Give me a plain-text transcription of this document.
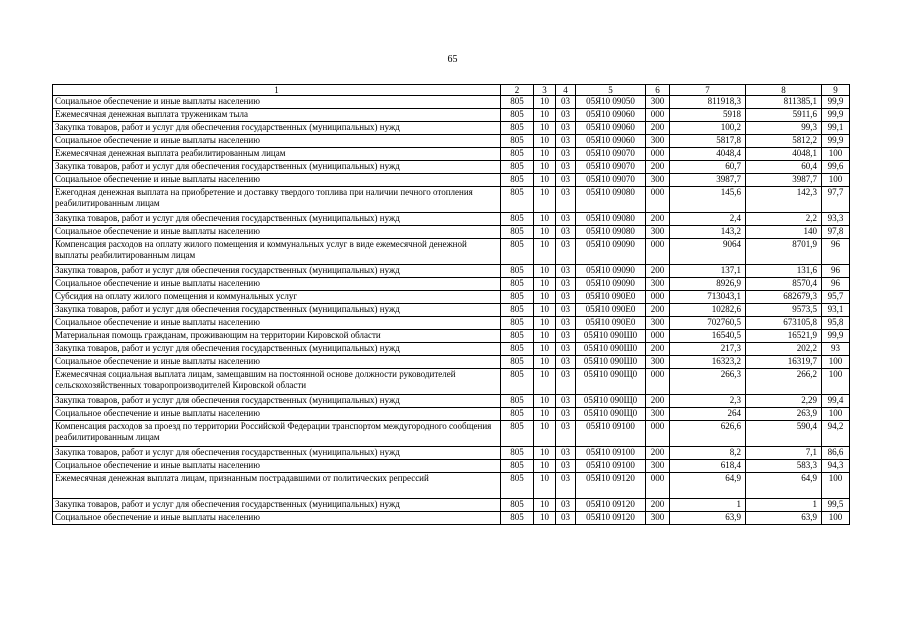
65
1	2	3	4	5	6	7	8	9
Социальное обеспечение и иные выплаты населению	805	10	03	05Я10 09050	300	811918,3	811385,1	99,9
Ежемесячная денежная выплата труженикам тыла	805	10	03	05Я10 09060	000	5918	5911,6	99,9
Закупка товаров, работ и услуг для обеспечения государственных (муниципальных) нужд	805	10	03	05Я10 09060	200	100,2	99,3	99,1
Социальное обеспечение и иные выплаты населению	805	10	03	05Я10 09060	300	5817,8	5812,2	99,9
Ежемесячная денежная выплата реабилитированным лицам	805	10	03	05Я10 09070	000	4048,4	4048,1	100
Закупка товаров, работ и услуг для обеспечения государственных (муниципальных) нужд	805	10	03	05Я10 09070	200	60,7	60,4	99,6
Социальное обеспечение и иные выплаты населению	805	10	03	05Я10 09070	300	3987,7	3987,7	100
Ежегодная денежная выплата на приобретение и доставку твердого топлива при наличии печного отопления реабилитированным лицам	805	10	03	05Я10 09080	000	145,6	142,3	97,7
Закупка товаров, работ и услуг для обеспечения государственных (муниципальных) нужд	805	10	03	05Я10 09080	200	2,4	2,2	93,3
Социальное обеспечение и иные выплаты населению	805	10	03	05Я10 09080	300	143,2	140	97,8
Компенсация расходов на оплату жилого помещения и коммунальных услуг в виде ежемесячной денежной выплаты реабилитированным лицам	805	10	03	05Я10 09090	000	9064	8701,9	96
Закупка товаров, работ и услуг для обеспечения государственных (муниципальных) нужд	805	10	03	05Я10 09090	200	137,1	131,6	96
Социальное обеспечение и иные выплаты населению	805	10	03	05Я10 09090	300	8926,9	8570,4	96
Субсидия на оплату жилого помещения и коммунальных услуг	805	10	03	05Я10 090Е0	000	713043,1	682679,3	95,7
Закупка товаров, работ и услуг для обеспечения государственных (муниципальных) нужд	805	10	03	05Я10 090Е0	200	10282,6	9573,5	93,1
Социальное обеспечение и иные выплаты населению	805	10	03	05Я10 090Е0	300	702760,5	673105,8	95,8
Материальная помощь гражданам, проживающим на территории Кировской области	805	10	03	05Я10 090Ш0	000	16540,5	16521,9	99,9
Закупка товаров, работ и услуг для обеспечения государственных (муниципальных) нужд	805	10	03	05Я10 090Ш0	200	217,3	202,2	93
Социальное обеспечение и иные выплаты населению	805	10	03	05Я10 090Ш0	300	16323,2	16319,7	100
Ежемесячная социальная выплата лицам, замещавшим на постоянной основе должности руководителей сельскохозяйственных товаропроизводителей Кировской области	805	10	03	05Я10 090Щ0	000	266,3	266,2	100
Закупка товаров, работ и услуг для обеспечения государственных (муниципальных) нужд	805	10	03	05Я10 090Щ0	200	2,3	2,29	99,4
Социальное обеспечение и иные выплаты населению	805	10	03	05Я10 090Щ0	300	264	263,9	100
Компенсация расходов за проезд по территории Российской Федерации транспортом междугородного сообщения реабилитированным лицам	805	10	03	05Я10 09100	000	626,6	590,4	94,2
Закупка товаров, работ и услуг для обеспечения государственных (муниципальных) нужд	805	10	03	05Я10 09100	200	8,2	7,1	86,6
Социальное обеспечение и иные выплаты населению	805	10	03	05Я10 09100	300	618,4	583,3	94,3
Ежемесячная денежная выплата лицам, признанным пострадавшими от политических репрессий	805	10	03	05Я10 09120	000	64,9	64,9	100
Закупка товаров, работ и услуг для обеспечения государственных (муниципальных) нужд	805	10	03	05Я10 09120	200	1	1	99,5
Социальное обеспечение и иные выплаты населению	805	10	03	05Я10 09120	300	63,9	63,9	100
